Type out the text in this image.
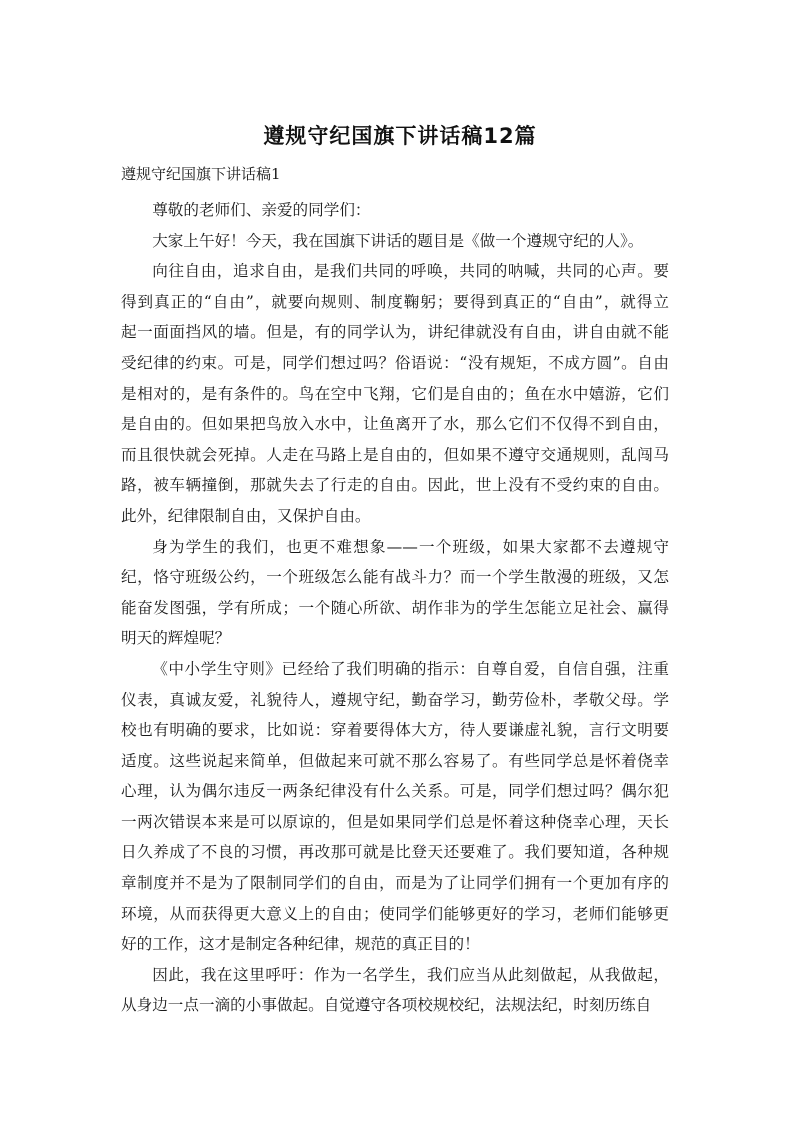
遵规守纪国旗下讲话稿12篇
遵规守纪国旗下讲话稿1

尊敬的老师们、亲爱的同学们：

大家上午好！今天，我在国旗下讲话的题目是《做一个遵规守纪的人》。

向往自由，追求自由，是我们共同的呼唤，共同的呐喊，共同的心声。要
得到真正的“自由”，就要向规则、制度鞠躬；要得到真正的“自由”，就得立
起一面面挡风的墙。但是，有的同学认为，讲纪律就没有自由，讲自由就不能
受纪律的约束。可是，同学们想过吗？俗语说：“没有规矩，不成方圆”。自由
是相对的，是有条件的。鸟在空中飞翔，它们是自由的；鱼在水中嬉游，它们
是自由的。但如果把鸟放入水中，让鱼离开了水，那么它们不仅得不到自由，
而且很快就会死掉。人走在马路上是自由的，但如果不遵守交通规则，乱闯马
路，被车辆撞倒，那就失去了行走的自由。因此，世上没有不受约束的自由。
此外，纪律限制自由，又保护自由。

身为学生的我们，也更不难想象——一个班级，如果大家都不去遵规守
纪，恪守班级公约，一个班级怎么能有战斗力？而一个学生散漫的班级，又怎
能奋发图强，学有所成；一个随心所欲、胡作非为的学生怎能立足社会、赢得
明天的辉煌呢？

《中小学生守则》已经给了我们明确的指示：自尊自爱，自信自强，注重
仪表，真诚友爱，礼貌待人，遵规守纪，勤奋学习，勤劳俭朴，孝敬父母。学
校也有明确的要求，比如说：穿着要得体大方，待人要谦虚礼貌，言行文明要
适度。这些说起来简单，但做起来可就不那么容易了。有些同学总是怀着侥幸
心理，认为偶尔违反一两条纪律没有什么关系。可是，同学们想过吗？偶尔犯
一两次错误本来是可以原谅的，但是如果同学们总是怀着这种侥幸心理，天长
日久养成了不良的习惯，再改那可就是比登天还要难了。我们要知道，各种规
章制度并不是为了限制同学们的自由，而是为了让同学们拥有一个更加有序的
环境，从而获得更大意义上的自由；使同学们能够更好的学习，老师们能够更
好的工作，这才是制定各种纪律，规范的真正目的！

因此，我在这里呼吁：作为一名学生，我们应当从此刻做起，从我做起，
从身边一点一滴的小事做起。自觉遵守各项校规校纪，法规法纪，时刻历练自
